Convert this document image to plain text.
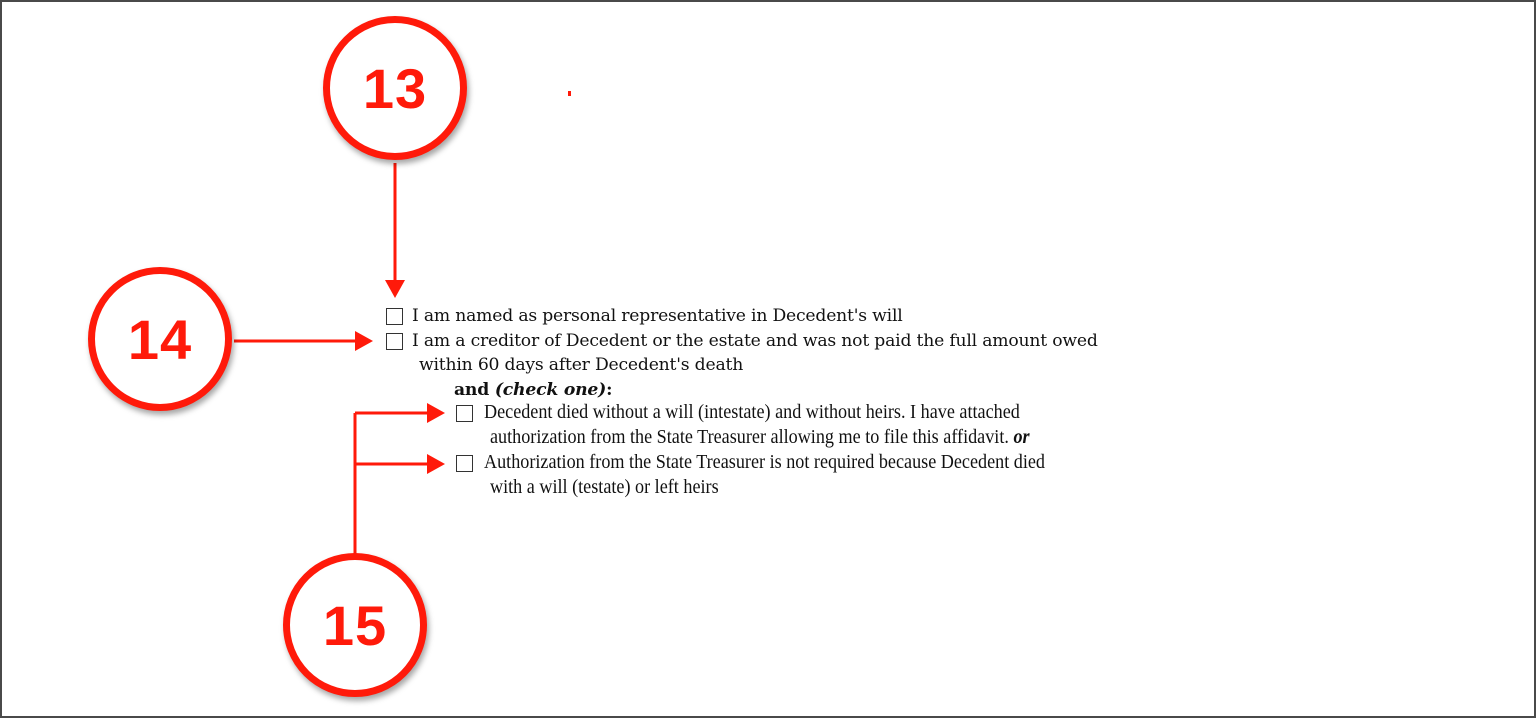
13
14
15
I am named as personal representative in Decedent's will
I am a creditor of Decedent or the estate and was not paid the full amount owed
within 60 days after Decedent's death
and (check one):
Decedent died without a will (intestate) and without heirs. I have attached
authorization from the State Treasurer allowing me to file this affidavit. or
Authorization from the State Treasurer is not required because Decedent died
with a will (testate) or left heirs
